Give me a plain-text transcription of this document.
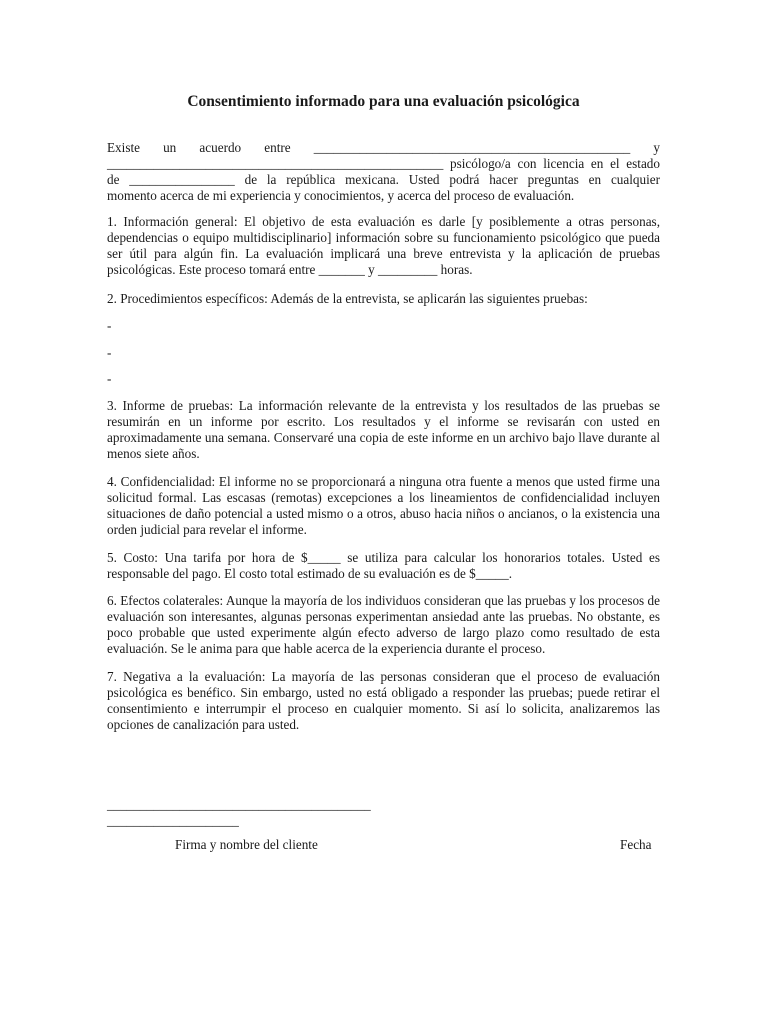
Consentimiento informado para una evaluación psicológica

Existe un acuerdo entre ________________________________________________ y

___________________________________________________ psicólogo/a con licencia en el estado

de ________________ de la república mexicana. Usted podrá hacer preguntas en cualquier

momento acerca de mi experiencia y conocimientos, y acerca del proceso de evaluación.

1. Información general: El objetivo de esta evaluación es darle [y posiblemente a otras personas, dependencias o equipo multidisciplinario] información sobre su funcionamiento psicológico que pueda ser útil para algún fin. La evaluación implicará una breve entrevista y la aplicación de pruebas psicológicas. Este proceso tomará entre _______ y _________ horas.

2. Procedimientos específicos: Además de la entrevista, se aplicarán las siguientes pruebas:

-

-

-

3. Informe de pruebas: La información relevante de la entrevista y los resultados de las pruebas se resumirán en un informe por escrito. Los resultados y el informe se revisarán con usted en aproximadamente una semana. Conservaré una copia de este informe en un archivo bajo llave durante al menos siete años.

4. Confidencialidad: El informe no se proporcionará a ninguna otra fuente a menos que usted firme una solicitud formal. Las escasas (remotas) excepciones a los lineamientos de confidencialidad incluyen situaciones de daño potencial a usted mismo o a otros, abuso hacia niños o ancianos, o la existencia una orden judicial para revelar el informe.

5. Costo: Una tarifa por hora de $_____ se utiliza para calcular los honorarios totales. Usted es responsable del pago. El costo total estimado de su evaluación es de $_____.

6. Efectos colaterales: Aunque la mayoría de los individuos consideran que las pruebas y los procesos de evaluación son interesantes, algunas personas experimentan ansiedad ante las pruebas. No obstante, es poco probable que usted experimente algún efecto adverso de largo plazo como resultado de esta evaluación. Se le anima para que hable acerca de la experiencia durante el proceso.

7. Negativa a la evaluación: La mayoría de las personas consideran que el proceso de evaluación psicológica es benéfico. Sin embargo, usted no está obligado a responder las pruebas; puede retirar el consentimiento e interrumpir el proceso en cualquier momento. Si así lo solicita, analizaremos las opciones de canalización para usted.

________________________________________

____________________

Firma y nombre del cliente	Fecha
